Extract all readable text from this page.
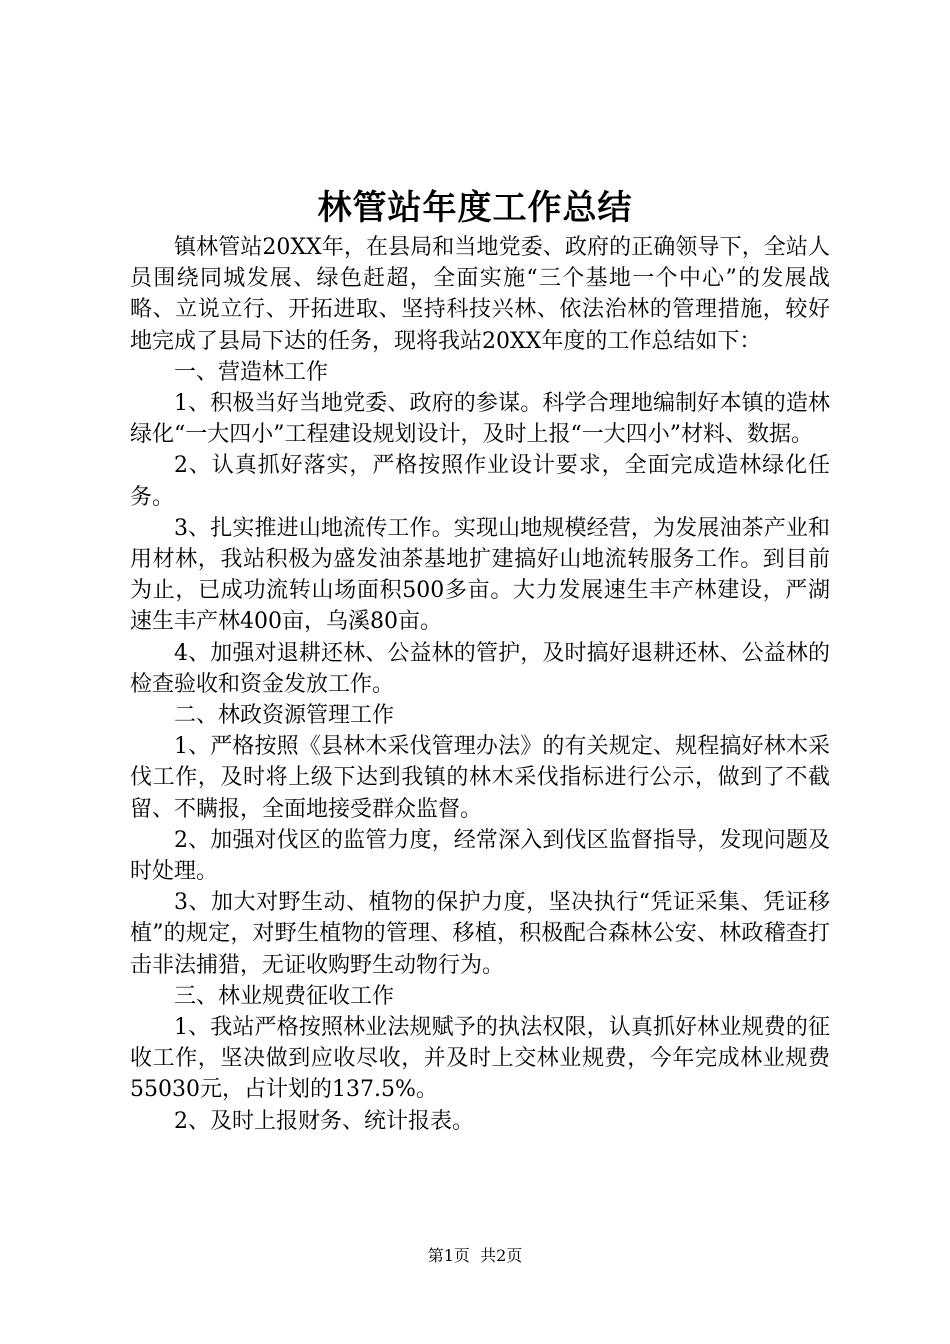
林管站年度工作总结

镇林管站20XX年，在县局和当地党委、政府的正确领导下，全站人员围绕同城发展、绿色赶超，全面实施“三个基地一个中心”的发展战略、立说立行、开拓进取、坚持科技兴林、依法治林的管理措施，较好地完成了县局下达的任务，现将我站20XX年度的工作总结如下：

一、营造林工作

1、积极当好当地党委、政府的参谋。科学合理地编制好本镇的造林绿化“一大四小”工程建设规划设计，及时上报“一大四小”材料、数据。

2、认真抓好落实，严格按照作业设计要求，全面完成造林绿化任务。

3、扎实推进山地流传工作。实现山地规模经营，为发展油茶产业和用材林，我站积极为盛发油茶基地扩建搞好山地流转服务工作。到目前为止，已成功流转山场面积500多亩。大力发展速生丰产林建设，严湖速生丰产林400亩，乌溪80亩。

4、加强对退耕还林、公益林的管护，及时搞好退耕还林、公益林的检查验收和资金发放工作。

二、林政资源管理工作

1、严格按照《县林木采伐管理办法》的有关规定、规程搞好林木采伐工作，及时将上级下达到我镇的林木采伐指标进行公示，做到了不截留、不瞒报，全面地接受群众监督。

2、加强对伐区的监管力度，经常深入到伐区监督指导，发现问题及时处理。

3、加大对野生动、植物的保护力度，坚决执行“凭证采集、凭证移植”的规定，对野生植物的管理、移植，积极配合森林公安、林政稽查打击非法捕猎，无证收购野生动物行为。

三、林业规费征收工作

1、我站严格按照林业法规赋予的执法权限，认真抓好林业规费的征收工作，坚决做到应收尽收，并及时上交林业规费，今年完成林业规费55030元，占计划的137.5%。

2、及时上报财务、统计报表。

第1页  共2页
